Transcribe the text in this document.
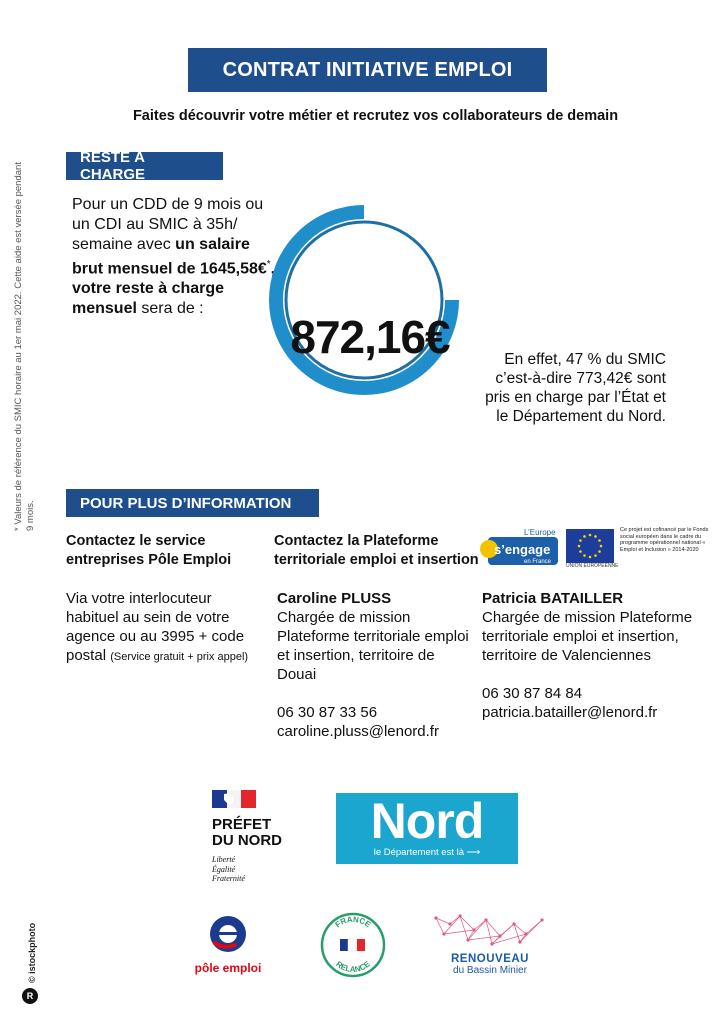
CONTRAT INITIATIVE EMPLOI
Faites découvrir votre métier et recrutez vos collaborateurs de demain
* Valeurs de référence du SMIC horaire au 1er mai 2022. Cette aide est versée pendant 9 mois.
RESTE À CHARGE
Pour un CDD de 9 mois ou un CDI au SMIC à 35h/ semaine avec un salaire brut mensuel de 1645,58€*, votre reste à charge mensuel sera de :
872,16€	En effet, 47 % du SMIC c’est-à-dire 773,42€ sont pris en charge par l’État et le Département du Nord.
POUR PLUS D’INFORMATION
Contactez le service entreprises Pôle Emploi
Contactez la Plateforme territoriale emploi et insertion
Via votre interlocuteur habituel au sein de votre agence ou au 3995 + code postal (Service gratuit + prix appel)
Caroline PLUSS
Chargée de mission Plateforme territoriale emploi et insertion, territoire de Douai
06 30 87 33 56
caroline.pluss@lenord.fr
Patricia BATAILLER
Chargée de mission Plateforme territoriale emploi et insertion, territoire de Valenciennes
06 30 87 84 84
patricia.batailler@lenord.fr
L’Europe
s’engage
en France
UNION EUROPÉENNE
Ce projet est cofinancé par le Fonds social européen dans le cadre du programme opérationnel national « Emploi et Inclusion » 2014-2020
PRÉFET
DU NORD
Liberté
Égalité
Fraternité
Nord
le Département est là ⟶
pôle emploi
FRANCE
RELANCE	RENOUVEAU
du Bassin Minier
© istockphoto
R
